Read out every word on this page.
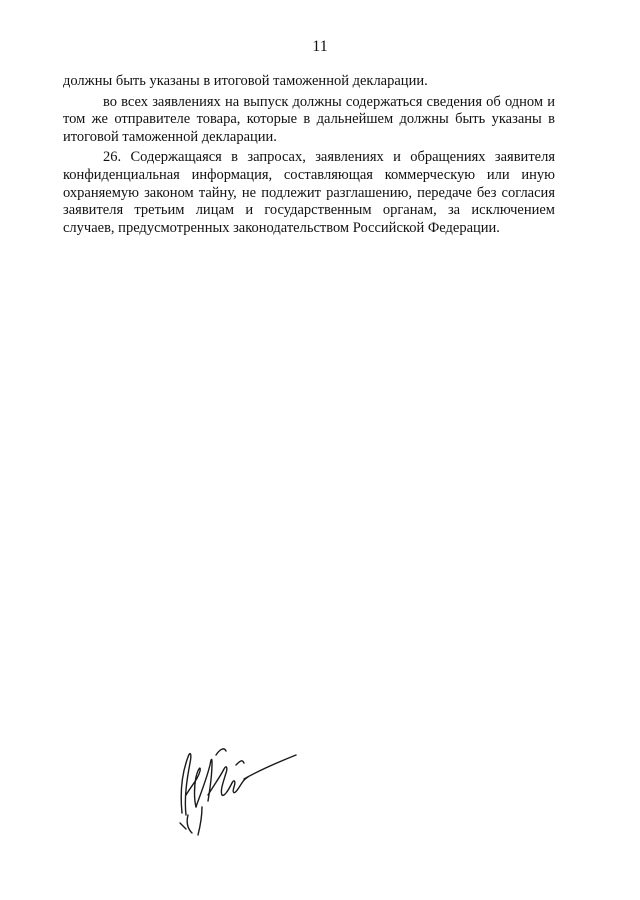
11

должны быть указаны в итоговой таможенной декларации.

во всех заявлениях на выпуск должны содержаться сведения об одном и том же отправителе товара, которые в дальнейшем должны быть указаны в итоговой таможенной декларации.

26. Содержащаяся в запросах, заявлениях и обращениях заявителя конфиденциальная информация, составляющая коммерческую или иную охраняемую законом тайну, не подлежит разглашению, передаче без согласия заявителя третьим лицам и государственным органам, за исключением случаев, предусмотренных законодательством Российской Федерации.
